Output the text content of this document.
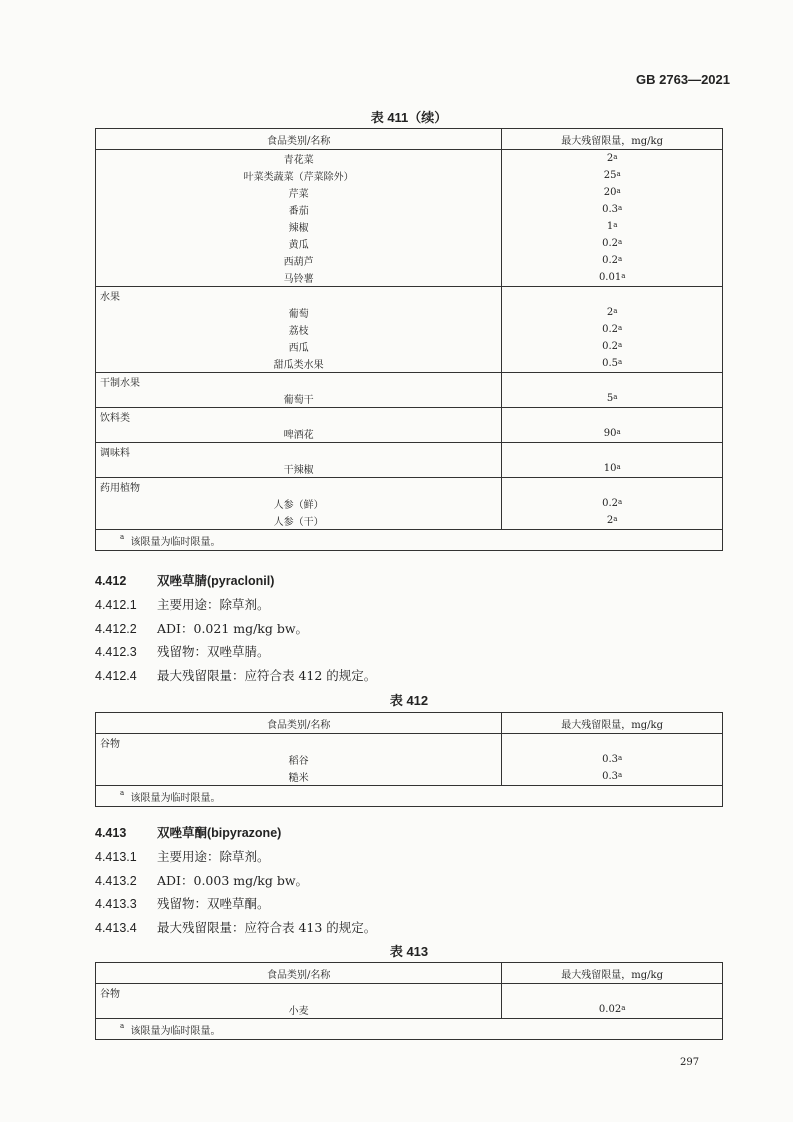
GB 2763—2021
表 411（续）
食品类别/名称	最大残留限量，mg/kg
青花菜	2$^a$
叶菜类蔬菜（芹菜除外）	25$^a$
芹菜	20$^a$
番茄	0.3$^a$
辣椒	1$^a$
黄瓜	0.2$^a$
西葫芦	0.2$^a$
马铃薯	0.01$^a$
水果	
葡萄	2$^a$
荔枝	0.2$^a$
西瓜	0.2$^a$
甜瓜类水果	0.5$^a$
干制水果	
葡萄干	5$^a$
饮料类	
啤酒花	90$^a$
调味料	
干辣椒	10$^a$
药用植物	
人参（鲜）	0.2$^a$
人参（干）	2$^a$
$^a$ 该限量为临时限量。	
4.412 双唑草腈(pyraclonil)
4.412.1 主要用途：除草剂。
4.412.2 ADI：0.021 mg/kg bw。
4.412.3 残留物：双唑草腈。
4.412.4 最大残留限量：应符合表 412 的规定。
表 412
食品类别/名称	最大残留限量，mg/kg
谷物	
稻谷	0.3$^a$
糙米	0.3$^a$
$^a$ 该限量为临时限量。	
4.413 双唑草酮(bipyrazone)
4.413.1 主要用途：除草剂。
4.413.2 ADI：0.003 mg/kg bw。
4.413.3 残留物：双唑草酮。
4.413.4 最大残留限量：应符合表 413 的规定。
表 413
食品类别/名称	最大残留限量，mg/kg
谷物	
小麦	0.02$^a$
$^a$ 该限量为临时限量。	
297
